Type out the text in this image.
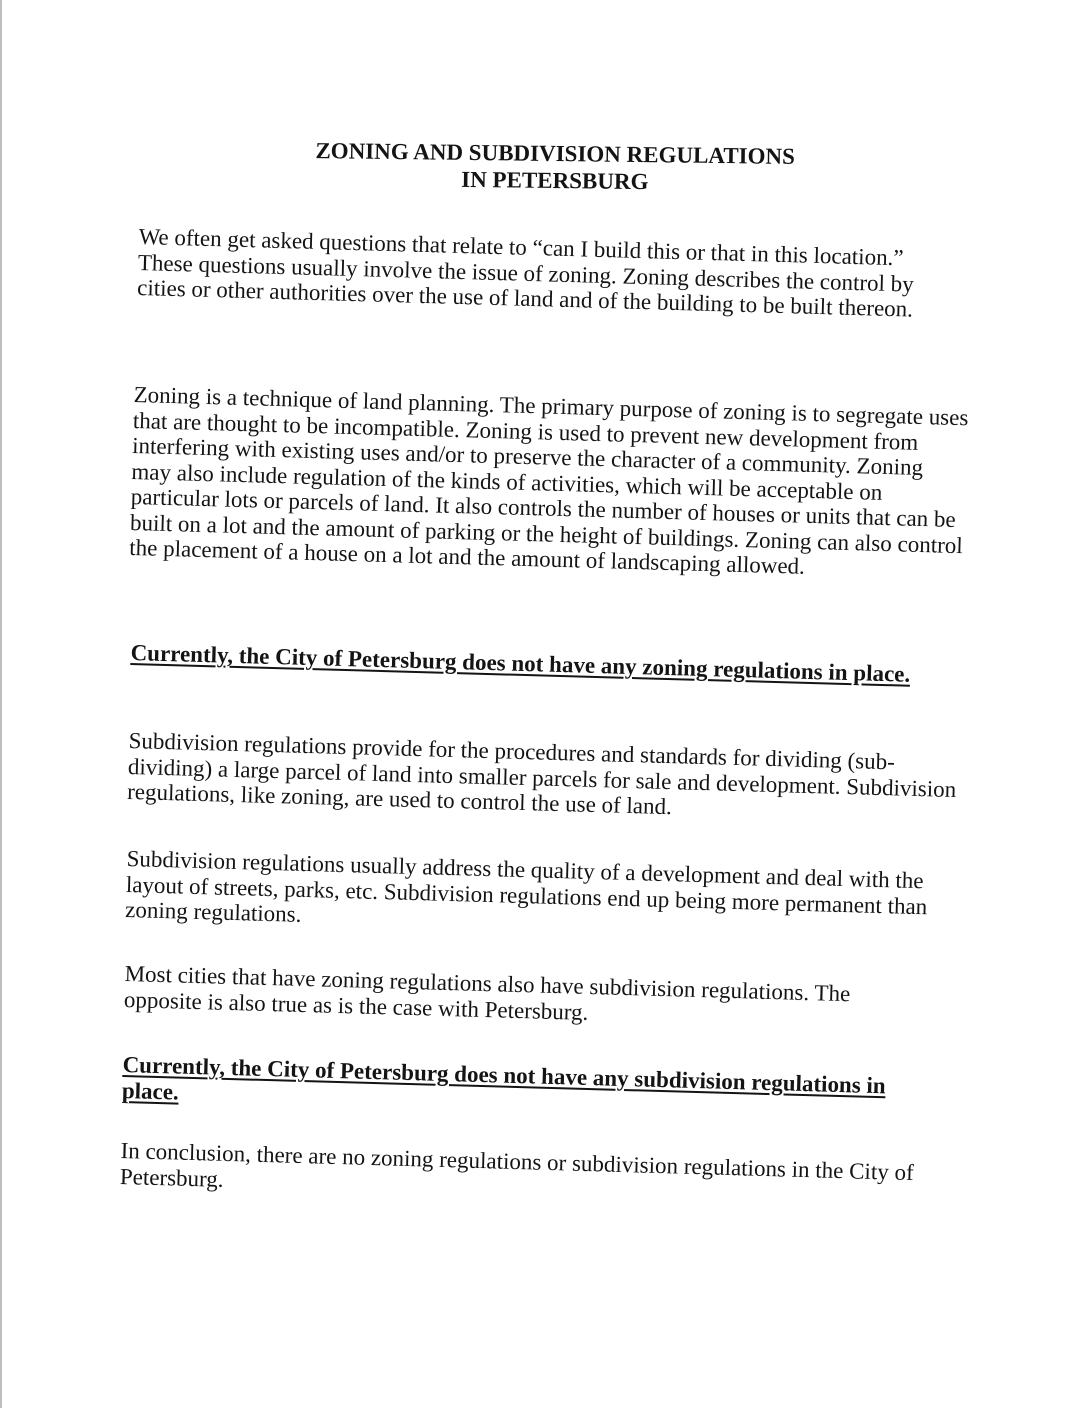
ZONING AND SUBDIVISION REGULATIONS
IN PETERSBURG

We often get asked questions that relate to “can I build this or that in this location.” These questions usually involve the issue of zoning. Zoning describes the control by cities or other authorities over the use of land and of the building to be built thereon.

Zoning is a technique of land planning. The primary purpose of zoning is to segregate uses that are thought to be incompatible. Zoning is used to prevent new development from interfering with existing uses and/or to preserve the character of a community. Zoning may also include regulation of the kinds of activities, which will be acceptable on particular lots or parcels of land. It also controls the number of houses or units that can be built on a lot and the amount of parking or the height of buildings. Zoning can also control the placement of a house on a lot and the amount of landscaping allowed.

Currently, the City of Petersburg does not have any zoning regulations in place.

Subdivision regulations provide for the procedures and standards for dividing (sub-dividing) a large parcel of land into smaller parcels for sale and development. Subdivision regulations, like zoning, are used to control the use of land.

Subdivision regulations usually address the quality of a development and deal with the layout of streets, parks, etc. Subdivision regulations end up being more permanent than zoning regulations.

Most cities that have zoning regulations also have subdivision regulations. The opposite is also true as is the case with Petersburg.

Currently, the City of Petersburg does not have any subdivision regulations in place.

In conclusion, there are no zoning regulations or subdivision regulations in the City of Petersburg.
